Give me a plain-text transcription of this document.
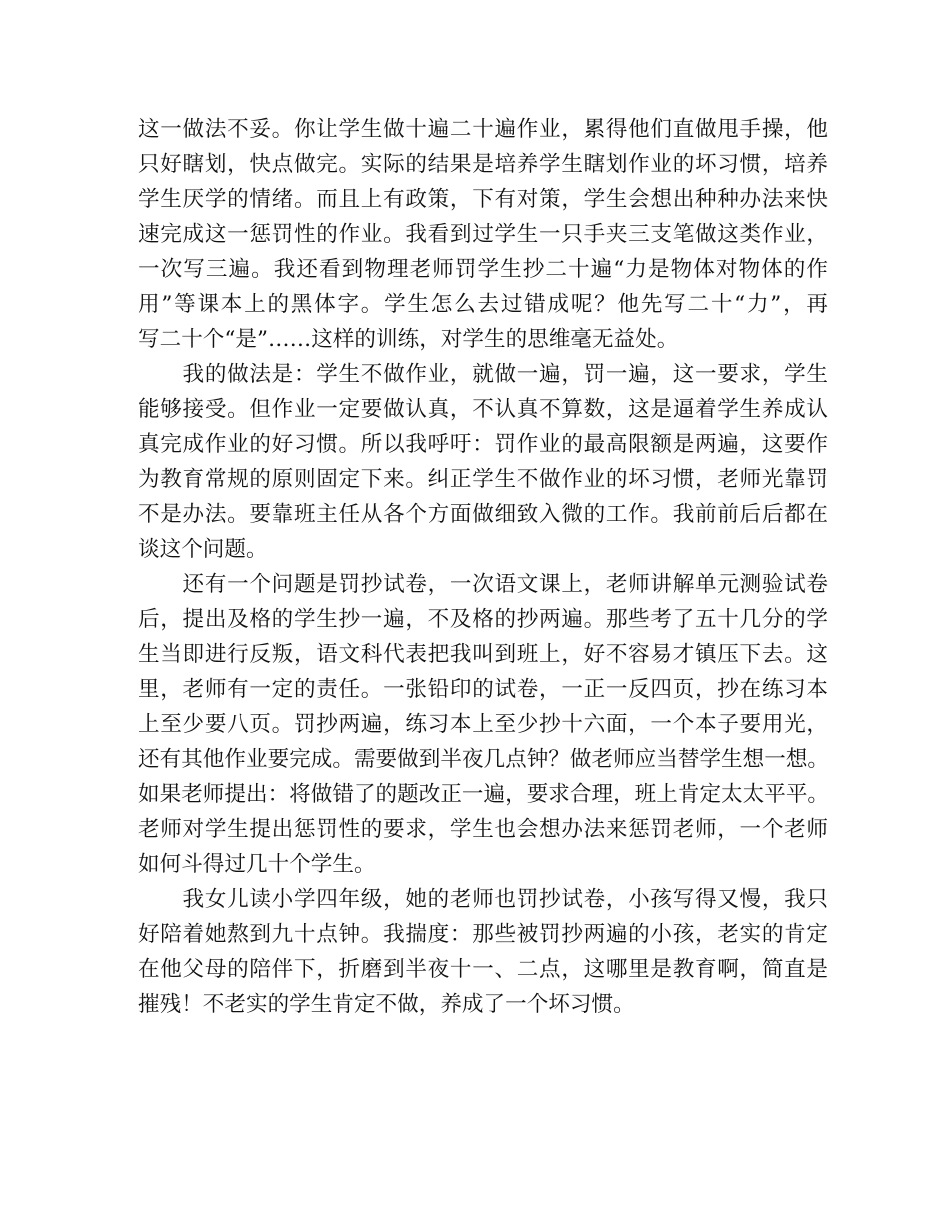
这一做法不妥。你让学生做十遍二十遍作业，累得他们直做甩手操，他
只好瞎划，快点做完。实际的结果是培养学生瞎划作业的坏习惯，培养
学生厌学的情绪。而且上有政策，下有对策，学生会想出种种办法来快
速完成这一惩罚性的作业。我看到过学生一只手夹三支笔做这类作业，
一次写三遍。我还看到物理老师罚学生抄二十遍“力是物体对物体的作
用”等课本上的黑体字。学生怎么去过错成呢？他先写二十“力”，再
写二十个“是”……这样的训练，对学生的思维毫无益处。
　　我的做法是：学生不做作业，就做一遍，罚一遍，这一要求，学生
能够接受。但作业一定要做认真，不认真不算数，这是逼着学生养成认
真完成作业的好习惯。所以我呼吁：罚作业的最高限额是两遍，这要作
为教育常规的原则固定下来。纠正学生不做作业的坏习惯，老师光靠罚
不是办法。要靠班主任从各个方面做细致入微的工作。我前前后后都在
谈这个问题。
　　还有一个问题是罚抄试卷，一次语文课上，老师讲解单元测验试卷
后，提出及格的学生抄一遍，不及格的抄两遍。那些考了五十几分的学
生当即进行反叛，语文科代表把我叫到班上，好不容易才镇压下去。这
里，老师有一定的责任。一张铅印的试卷，一正一反四页，抄在练习本
上至少要八页。罚抄两遍，练习本上至少抄十六面，一个本子要用光，
还有其他作业要完成。需要做到半夜几点钟？做老师应当替学生想一想。
如果老师提出：将做错了的题改正一遍，要求合理，班上肯定太太平平。
老师对学生提出惩罚性的要求，学生也会想办法来惩罚老师，一个老师
如何斗得过几十个学生。
　　我女儿读小学四年级，她的老师也罚抄试卷，小孩写得又慢，我只
好陪着她熬到九十点钟。我揣度：那些被罚抄两遍的小孩，老实的肯定
在他父母的陪伴下，折磨到半夜十一、二点，这哪里是教育啊，简直是
摧残！不老实的学生肯定不做，养成了一个坏习惯。
